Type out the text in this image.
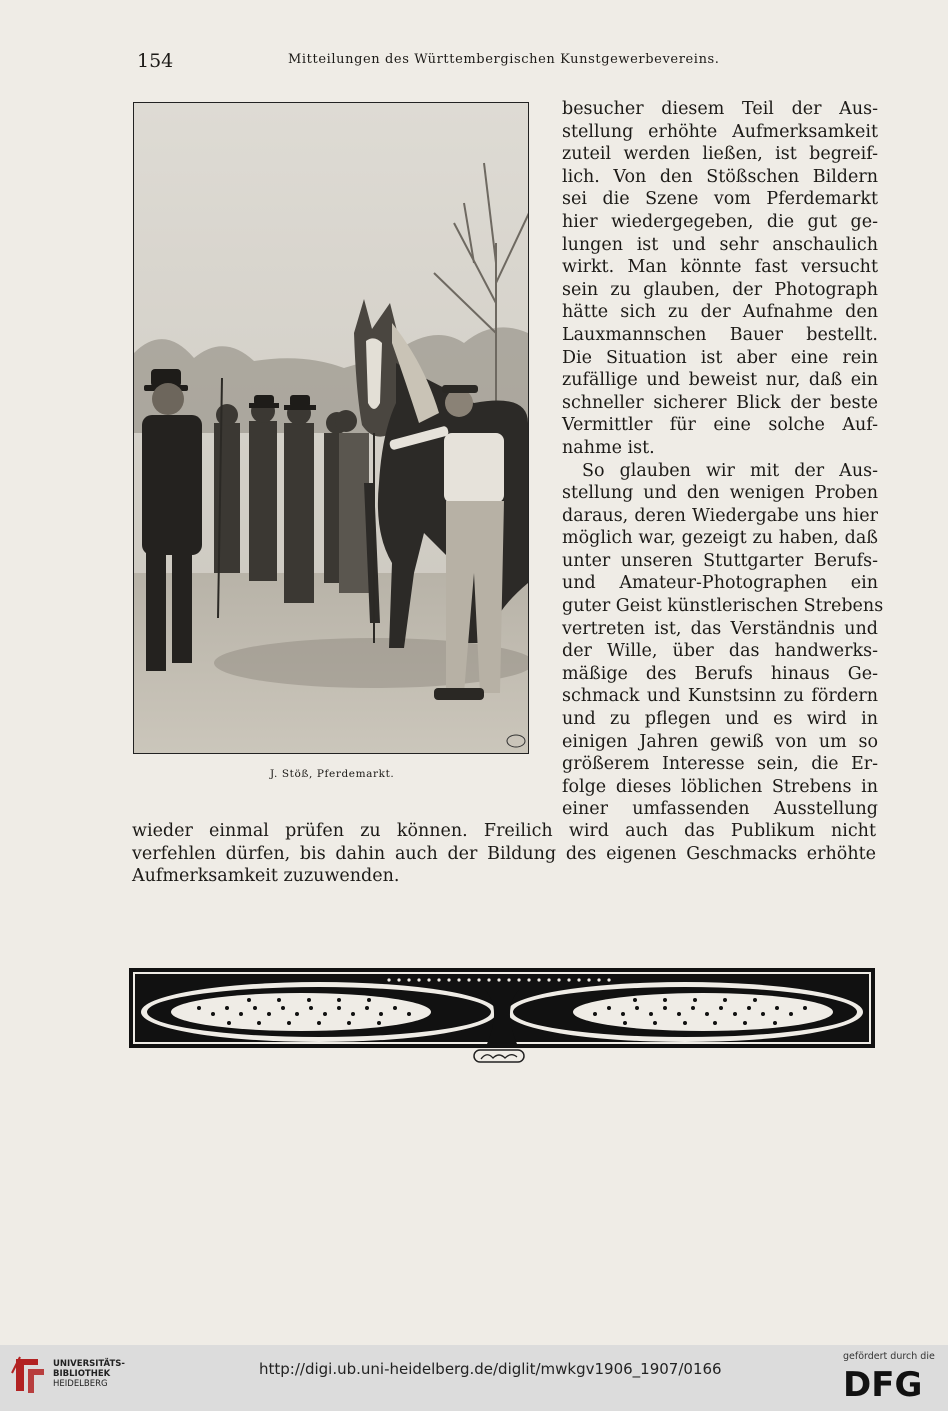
154	Mitteilungen des Württembergischen Kunstgewerbevereins.
J. Stöß, Pferdemarkt.
besucher diesem Teil der Aus-
stellung erhöhte Aufmerksamkeit
zuteil werden ließen, ist begreif-
lich. Von den Stößschen Bildern
sei die Szene vom Pferdemarkt
hier wiedergegeben, die gut ge-
lungen ist und sehr anschaulich
wirkt. Man könnte fast versucht
sein zu glauben, der Photograph
hätte sich zu der Aufnahme den
Lauxmannschen Bauer bestellt.
Die Situation ist aber eine rein
zufällige und beweist nur, daß ein
schneller sicherer Blick der beste
Vermittler für eine solche Auf-
nahme ist.
So glauben wir mit der Aus-
stellung und den wenigen Proben
daraus, deren Wiedergabe uns hier
möglich war, gezeigt zu haben, daß
unter unseren Stuttgarter Berufs-
und Amateur-Photographen ein
guter Geist künstlerischen Strebens
vertreten ist, das Verständnis und
der Wille, über das handwerks-
mäßige des Berufs hinaus Ge-
schmack und Kunstsinn zu fördern
und zu pflegen und es wird in
einigen Jahren gewiß von um so
größerem Interesse sein, die Er-
folge dieses löblichen Strebens in
einer umfassenden Ausstellung
wieder einmal prüfen zu können. Freilich wird auch das Publikum nicht
verfehlen dürfen, bis dahin auch der Bildung des eigenen Geschmacks erhöhte
Aufmerksamkeit zuzuwenden.
UNIVERSITÄTS-
BIBLIOTHEK
HEIDELBERG
http://digi.ub.uni-heidelberg.de/diglit/mwkgv1906_1907/0166
gefördert durch die
DFG
